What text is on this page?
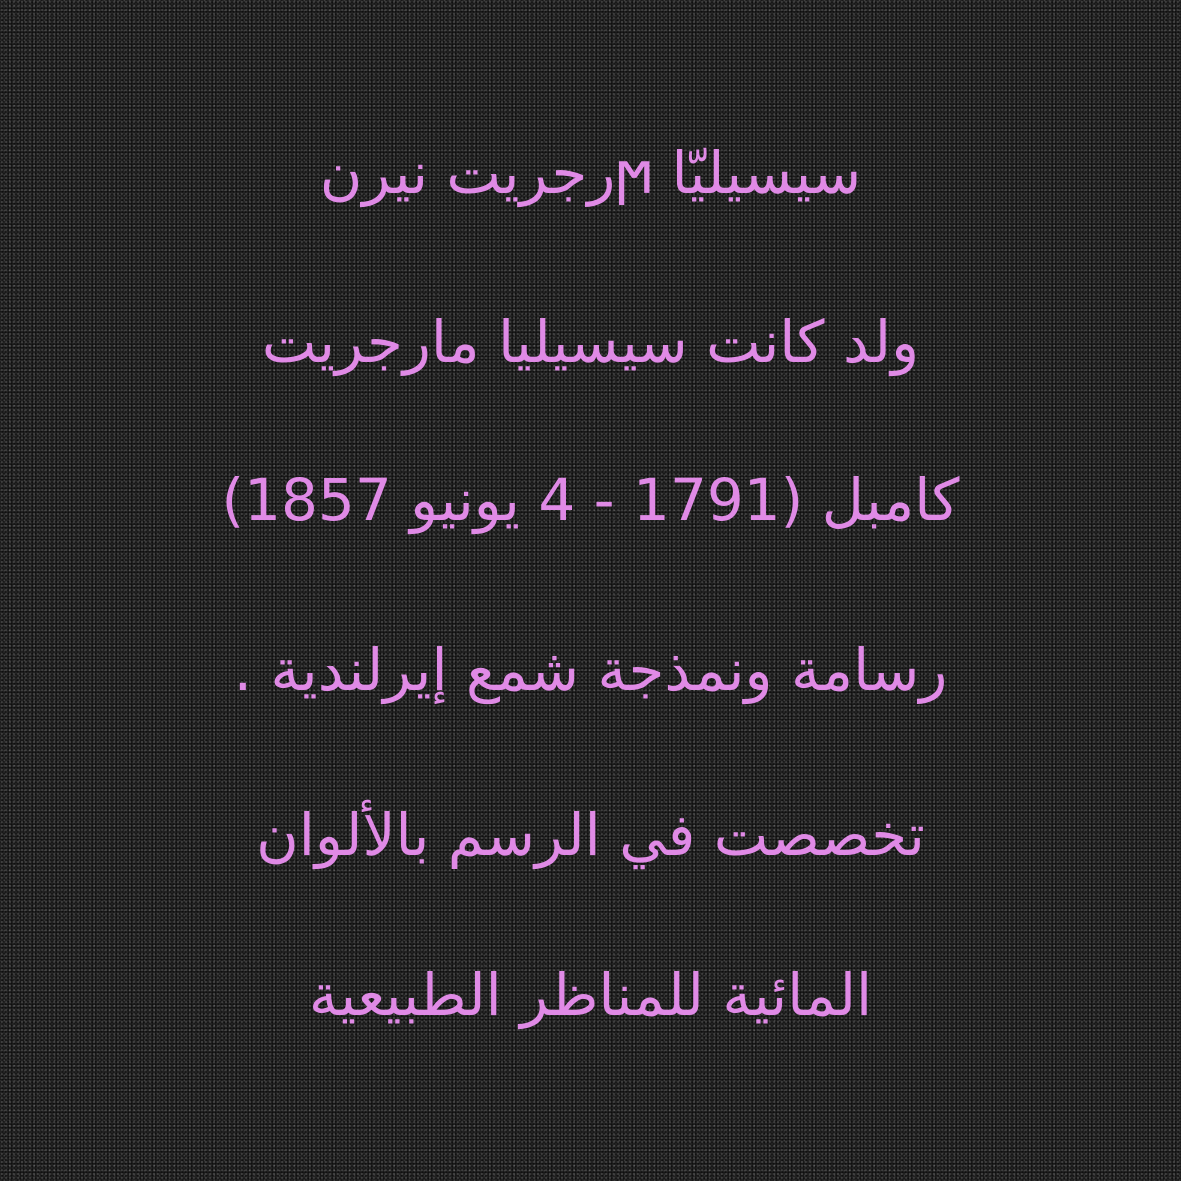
سيسيليّا ϻرجريت نيرن
ولد كانت سيسيليا مارجريت
كامبل (1791 - 4 يونيو 1857)
رسامة ونمذجة شمع إيرلندية .
تخصصت في الرسم بالألوان
المائية للمناظر الطبيعية
